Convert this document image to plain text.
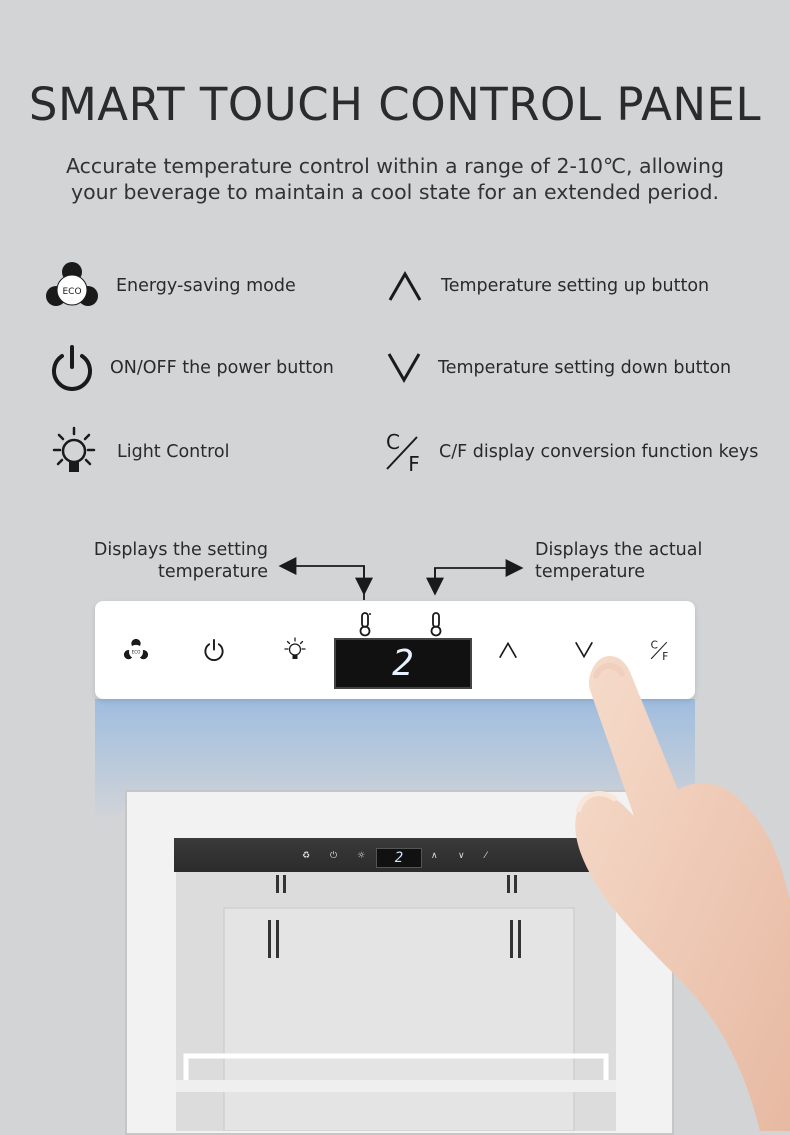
SMART TOUCH CONTROL PANEL
Accurate temperature control within a range of 2-10℃, allowing
your beverage to maintain a cool state for an extended period.
ECO Energy-saving mode
ON/OFF the power button
Light Control
Temperature setting up button
Temperature setting down button
C
F C/F display conversion function keys
Displays the setting
temperature
Displays the actual
temperature
♻ ⏻ ☼	2	∧ ∨ ⁄
ECO	2	C
F
